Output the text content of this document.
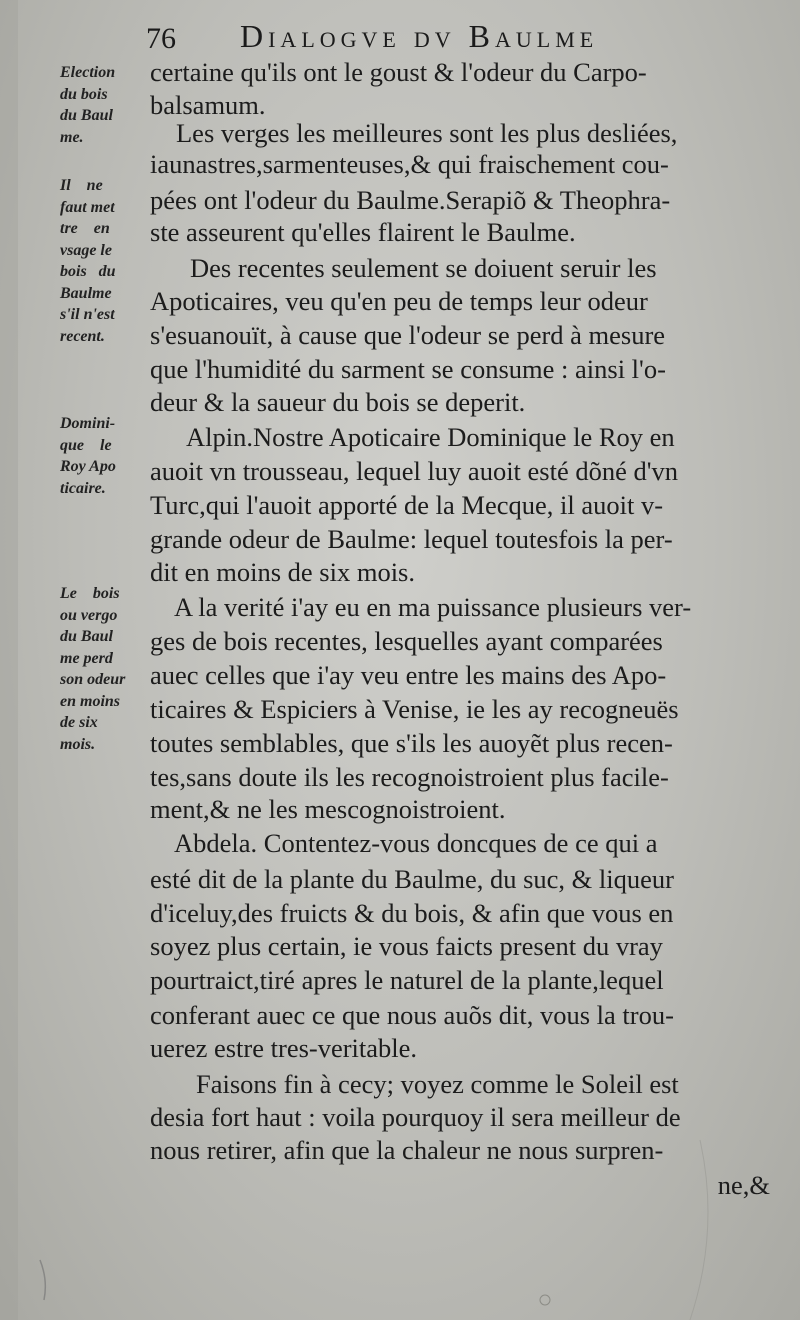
76 Dialogve dv Baulme
Election
du bois
du Baul
me.
Il    ne
faut met
tre    en
vsage le
bois   du
Baulme
s'il n'est
recent.
Domini-
que    le
Roy Apo
ticaire.
Le    bois
ou vergo
du Baul
me perd
son odeur
en moins
de six
mois.
certaine qu'ils ont le goust & l'odeur du Carpo-
balsamum.
Les verges les meilleures sont les plus desliées,
iaunastres,sarmenteuses,& qui fraischement cou-
pées ont l'odeur du Baulme.Serapiõ & Theophra-
ste asseurent qu'elles flairent le Baulme.
Des recentes seulement se doiuent seruir les
Apoticaires, veu qu'en peu de temps leur odeur
s'esuanouït, à cause que l'odeur se perd à mesure
que l'humidité du sarment se consume : ainsi l'o-
deur & la saueur du bois se deperit.
Alpin.Nostre Apoticaire Dominique le Roy en
auoit vn trousseau, lequel luy auoit esté dõné d'vn
Turc,qui l'auoit apporté de la Mecque, il auoit v-
grande odeur de Baulme: lequel toutesfois la per-
dit en moins de six mois.
A la verité i'ay eu en ma puissance plusieurs ver-
ges de bois recentes, lesquelles ayant comparées
auec celles que i'ay veu entre les mains des Apo-
ticaires & Espiciers à Venise, ie les ay recogneuës
toutes semblables, que s'ils les auoyẽt plus recen-
tes,sans doute ils les recognoistroient plus facile-
ment,& ne les mescognoistroient.
Abdela. Contentez-vous doncques de ce qui a
esté dit de la plante du Baulme, du suc, & liqueur
d'iceluy,des fruicts & du bois, & afin que vous en
soyez plus certain, ie vous faicts present du vray
pourtraict,tiré apres le naturel de la plante,lequel
conferant auec ce que nous auõs dit, vous la trou-
uerez estre tres-veritable.
Faisons fin à cecy; voyez comme le Soleil est
desia fort haut : voila pourquoy il sera meilleur de
nous retirer, afin que la chaleur ne nous surpren-
ne,&
